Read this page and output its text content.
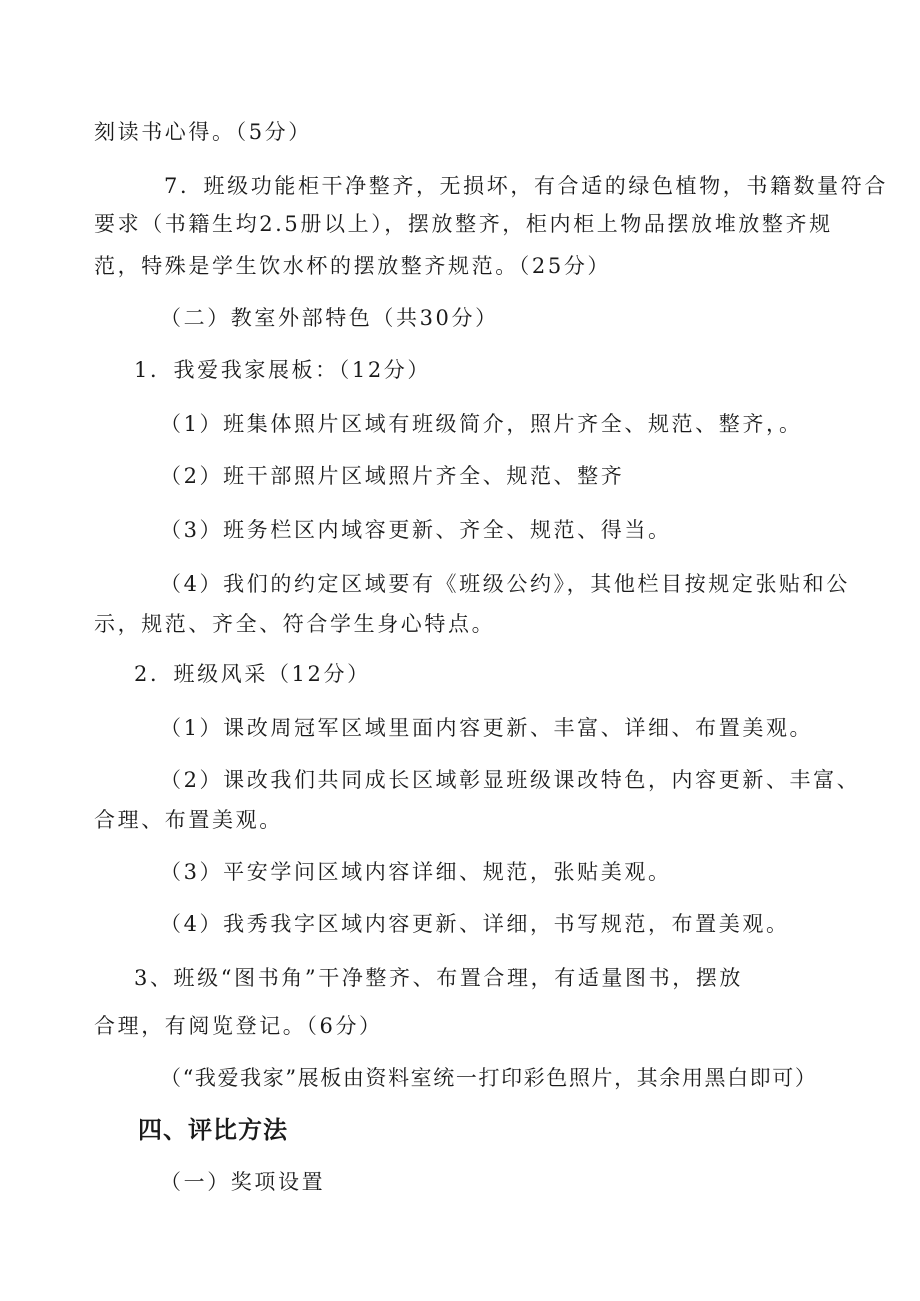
刻读书心得。（5分）
7．班级功能柜干净整齐，无损坏，有合适的绿色植物，书籍数量符合
要求（书籍生均2.5册以上），摆放整齐，柜内柜上物品摆放堆放整齐规
范，特殊是学生饮水杯的摆放整齐规范。（25分）
（二）教室外部特色（共30分）
1．我爱我家展板：（12分）
（1）班集体照片区域有班级简介，照片齐全、规范、整齐，。
（2）班干部照片区域照片齐全、规范、整齐
（3）班务栏区内域容更新、齐全、规范、得当。
（4）我们的约定区域要有《班级公约》，其他栏目按规定张贴和公
示，规范、齐全、符合学生身心特点。
2．班级风采（12分）
（1）课改周冠军区域里面内容更新、丰富、详细、布置美观。
（2）课改我们共同成长区域彰显班级课改特色，内容更新、丰富、
合理、布置美观。
（3）平安学问区域内容详细、规范，张贴美观。
（4）我秀我字区域内容更新、详细，书写规范，布置美观。
3、班级“图书角”干净整齐、布置合理，有适量图书，摆放
合理，有阅览登记。（6分）
（“我爱我家”展板由资料室统一打印彩色照片，其余用黑白即可）
四、评比方法
（一）奖项设置
